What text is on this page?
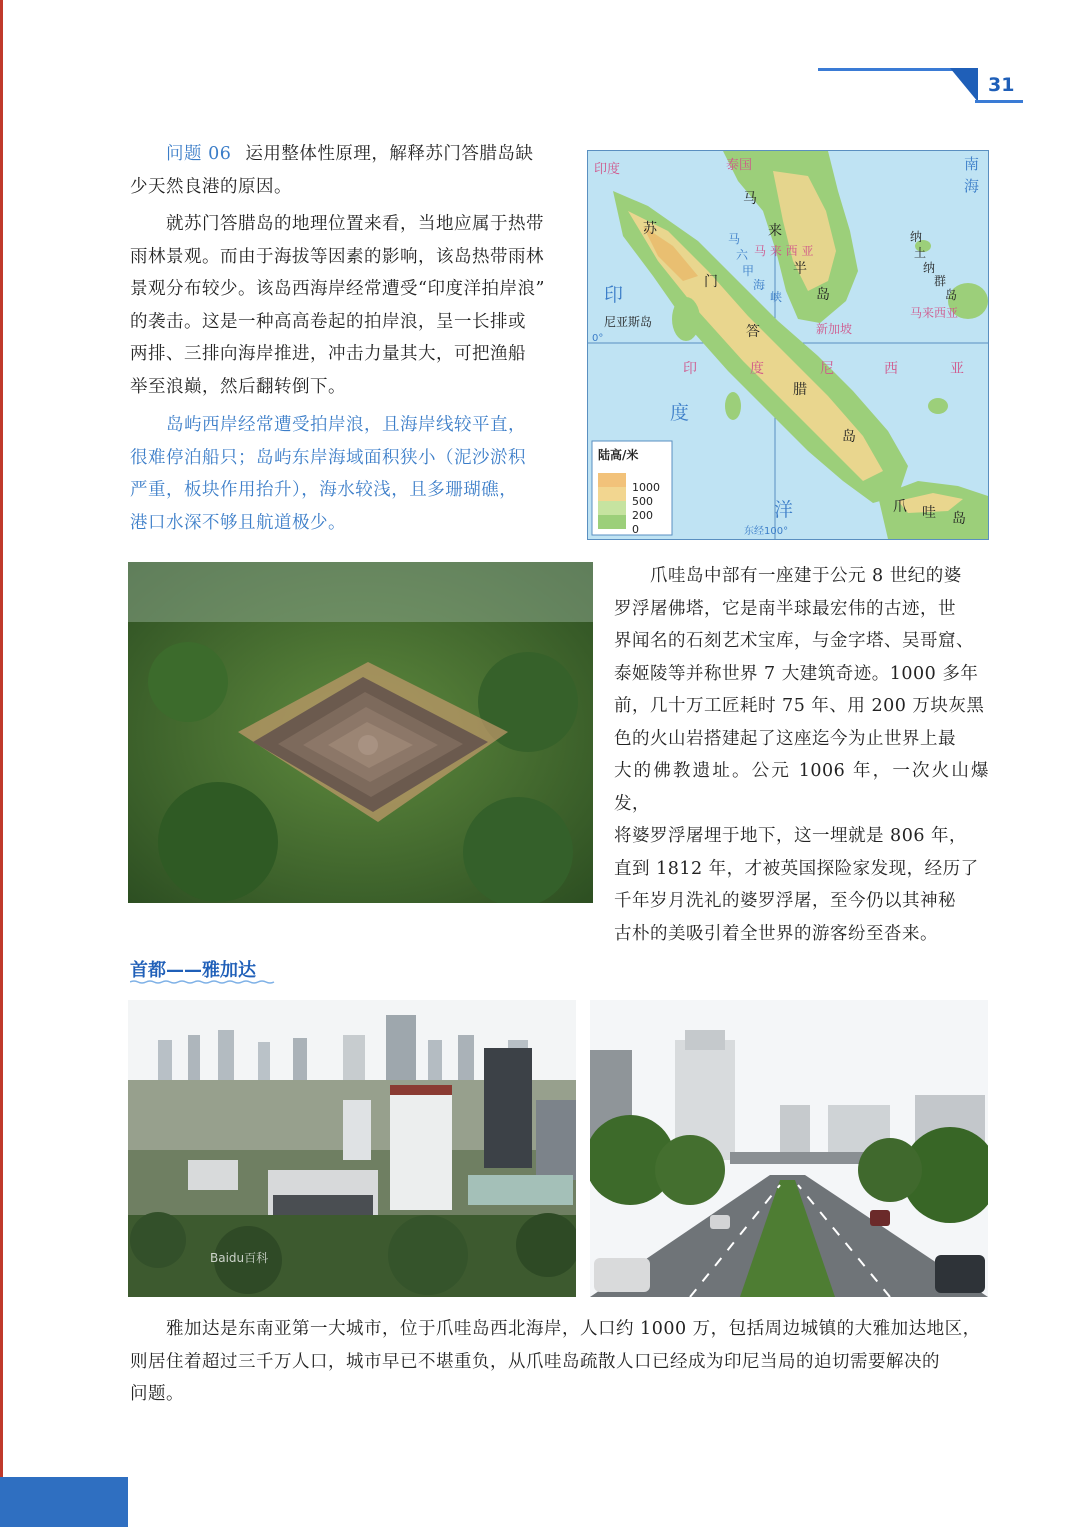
31
问题 06 运用整体性原理，解释苏门答腊岛缺
少天然良港的原因。
就苏门答腊岛的地理位置来看，当地应属于热带
雨林景观。而由于海拔等因素的影响，该岛热带雨林
景观分布较少。该岛西海岸经常遭受“印度洋拍岸浪”
的袭击。这是一种高高卷起的拍岸浪，呈一长排或
两排、三排向海岸推进，冲击力量其大，可把渔船
举至浪巅，然后翻转倒下。
岛屿西岸经常遭受拍岸浪，且海岸线较平直，
很难停泊船只；岛屿东岸海域面积狭小（泥沙淤积
严重，板块作用抬升），海水较浅，且多珊瑚礁，
港口水深不够且航道极少。
印度	泰国	南
海
马
来
半
岛
苏
门
答
腊
岛
马 来 西 亚
马来西亚
马
六
甲
海
峡
新加坡
纳
土
纳
群
岛
尼亚斯岛
0°
印	度	尼	西	亚
印
度
洋	爪 哇 岛
东经100°
陆高/米
1000
500
200
0
爪哇岛中部有一座建于公元 8 世纪的婆
罗浮屠佛塔，它是南半球最宏伟的古迹，世
界闻名的石刻艺术宝库，与金字塔、吴哥窟、
泰姬陵等并称世界 7 大建筑奇迹。1000 多年
前，几十万工匠耗时 75 年、用 200 万块灰黑
色的火山岩搭建起了这座迄今为止世界上最
大的佛教遗址。公元 1006 年，一次火山爆发，
将婆罗浮屠埋于地下，这一埋就是 806 年，
直到 1812 年，才被英国探险家发现，经历了
千年岁月洗礼的婆罗浮屠，至今仍以其神秘
古朴的美吸引着全世界的游客纷至沓来。
首都——雅加达
Baidu百科
雅加达是东南亚第一大城市，位于爪哇岛西北海岸，人口约 1000 万，包括周边城镇的大雅加达地区，
则居住着超过三千万人口，城市早已不堪重负，从爪哇岛疏散人口已经成为印尼当局的迫切需要解决的
问题。
